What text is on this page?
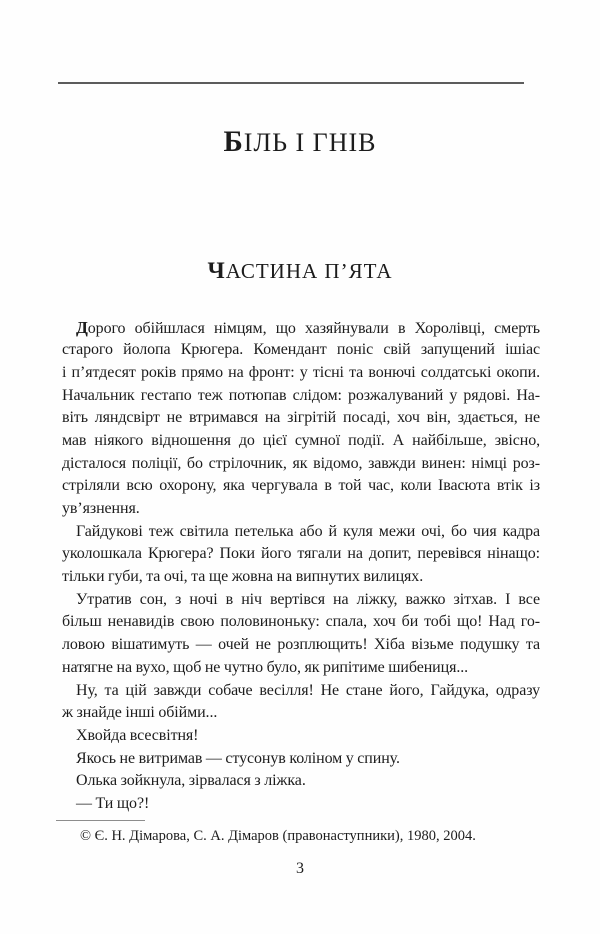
БІЛЬ І ГНІВ
ЧАСТИНА П’ЯТА
Дорого обійшлася німцям, що хазяйнували в Хоролівці, смерть
старого йолопа Крюгера. Комендант поніс свій запущений ішіас
і п’ятдесят років прямо на фронт: у тісні та вонючі солдатські окопи.
Начальник гестапо теж потюпав слідом: розжалуваний у рядові. На-
віть ляндсвірт не втримався на зігрітій посаді, хоч він, здається, не
мав ніякого відношення до цієї сумної події. А найбільше, звісно,
дісталося поліції, бо стрілочник, як відомо, завжди винен: німці роз-
стріляли всю охорону, яка чергувала в той час, коли Івасюта втік із
ув’язнення.
Гайдукові теж світила петелька або й куля межи очі, бо чия кадра
уколошкала Крюгера? Поки його тягали на допит, перевівся нінащо:
тільки губи, та очі, та ще жовна на випнутих вилицях.
Утратив сон, з ночі в ніч вертівся на ліжку, важко зітхав. І все
більш ненавидів свою половиноньку: спала, хоч би тобі що! Над го-
ловою вішатимуть — очей не розплющить! Хіба візьме подушку та
натягне на вухо, щоб не чутно було, як рипітиме шибениця...
Ну, та цій завжди собаче весілля! Не стане його, Гайдука, одразу
ж знайде інші обійми...
Хвойда всесвітня!
Якось не витримав — стусонув коліном у спину.
Олька зойкнула, зірвалася з ліжка.
— Ти що?!
© Є. Н. Дімарова, С. А. Дімаров (правонаступники), 1980, 2004.
3
